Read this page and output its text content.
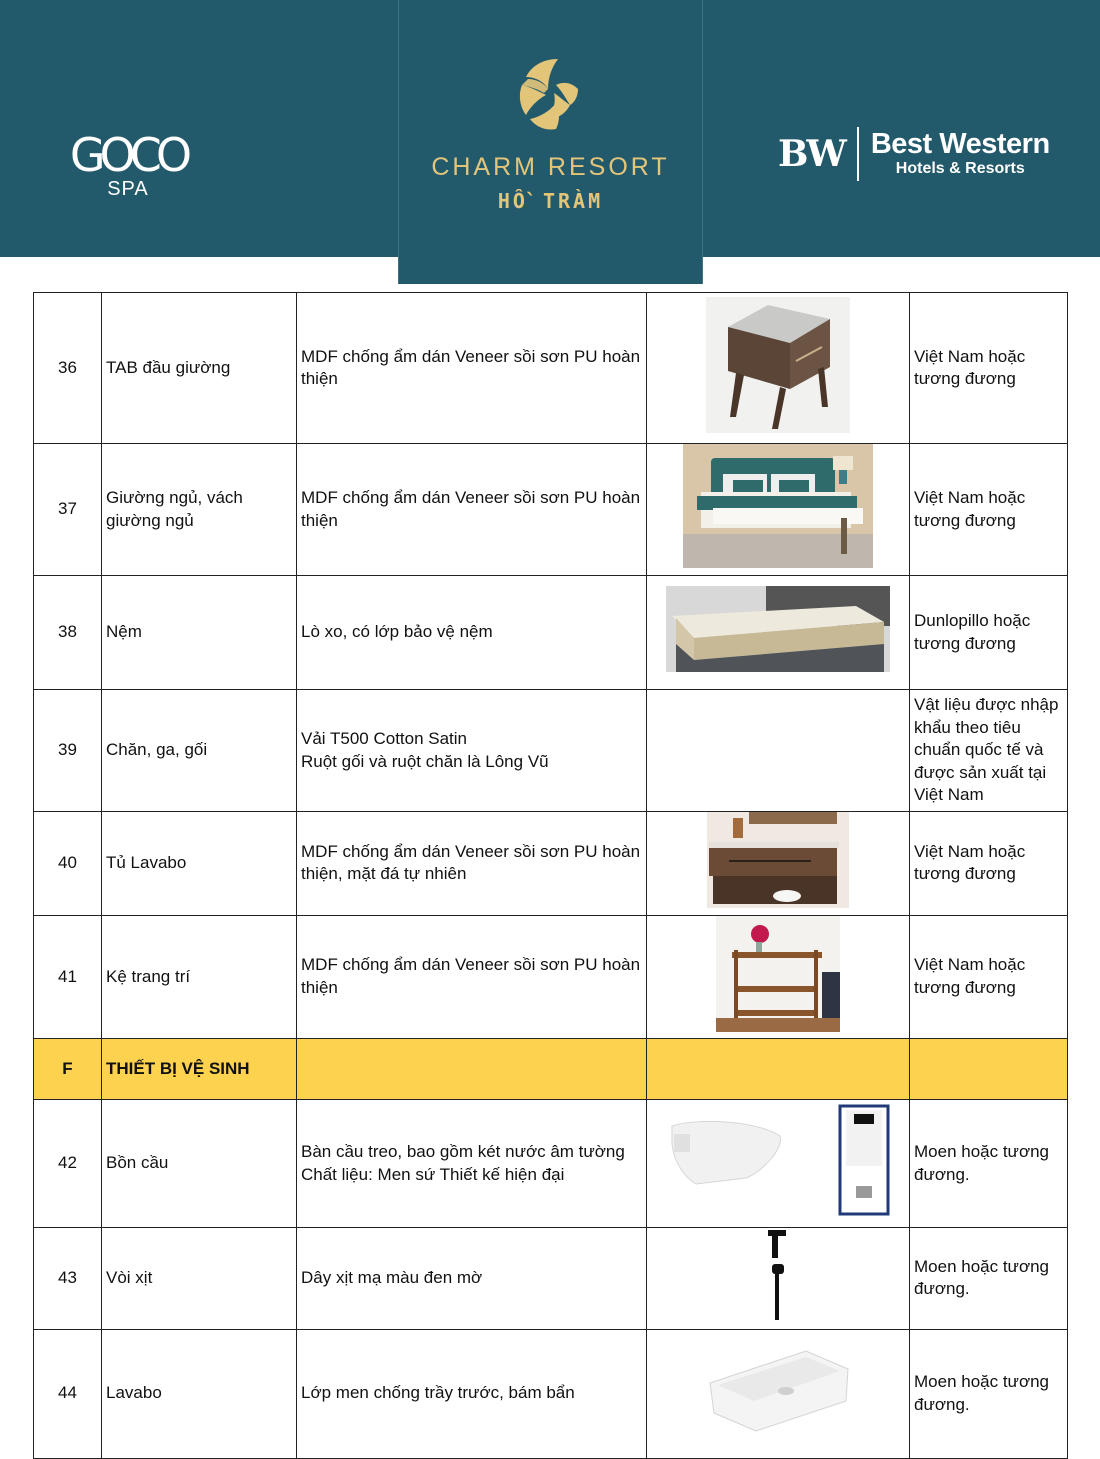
G O C O
SPA
CHARM RESORT
HỒ TRÀM
BW Best Western
Hotels & Resorts
36	TAB đầu giường	MDF chống ẩm dán Veneer sồi sơn PU hoàn thiện		Việt Nam hoặc tương đương
37	Giường ngủ, vách giường ngủ	MDF chống ẩm dán Veneer sồi sơn PU hoàn thiện		Việt Nam hoặc tương đương
38	Nệm	Lò xo, có lớp bảo vệ nệm		Dunlopillo hoặc tương đương
39	Chăn, ga, gối	Vải T500 Cotton Satin
Ruột gối và ruột chăn là Lông Vũ		Vật liệu được nhập khẩu theo tiêu chuẩn quốc tế và được sản xuất tại Việt Nam
40	Tủ Lavabo	MDF chống ẩm dán Veneer sồi sơn PU hoàn thiện, mặt đá tự nhiên		Việt Nam hoặc tương đương
41	Kệ trang trí	MDF chống ẩm dán Veneer sồi sơn PU hoàn thiện		Việt Nam hoặc tương đương
F	THIẾT BỊ VỆ SINH			
42	Bồn cầu	Bàn cầu treo, bao gồm két nước âm tường
Chất liệu: Men sứ Thiết kế hiện đại		Moen hoặc tương đương.
43	Vòi xịt	Dây xịt mạ màu đen mờ		Moen hoặc tương đương.
44	Lavabo	Lớp men chống trầy trước, bám bẩn		Moen hoặc tương đương.
